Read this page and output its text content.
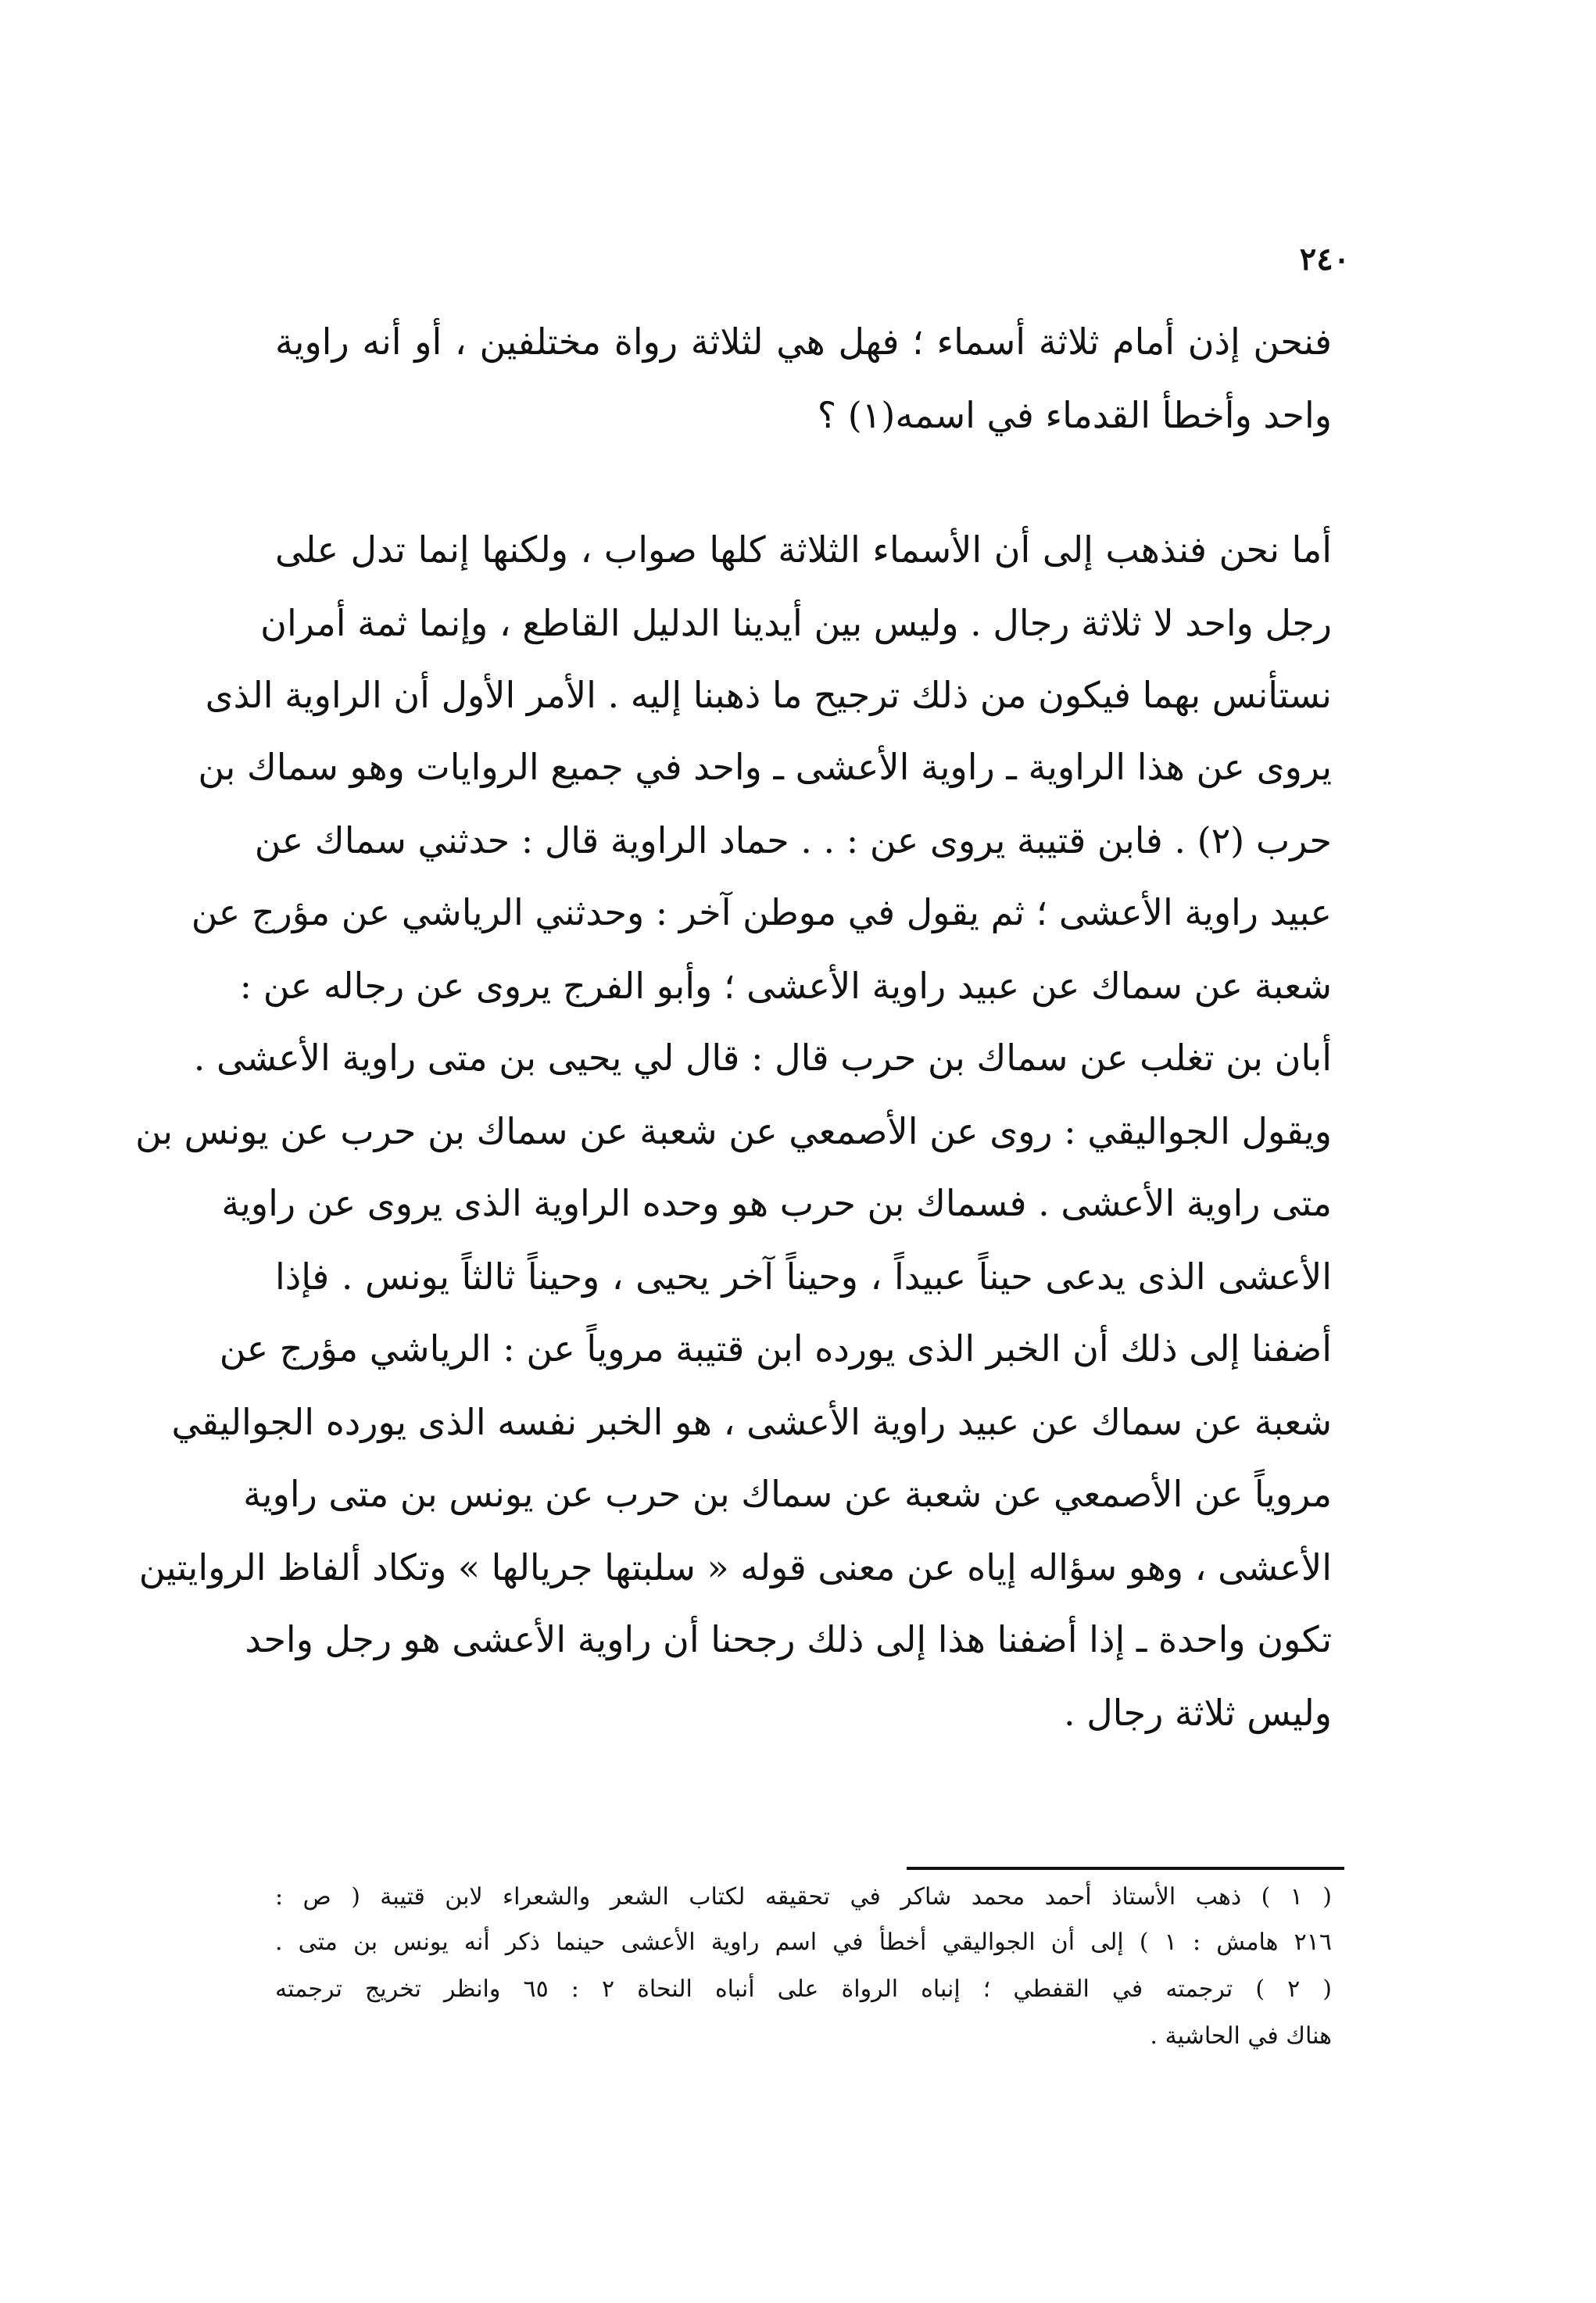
٢٤٠
فنحن إذن أمام ثلاثة أسماء ؛ فهل هي لثلاثة رواة مختلفين ، أو أنه راوية
واحد وأخطأ القدماء في اسمه(١) ؟
أما نحن فنذهب إلى أن الأسماء الثلاثة كلها صواب ، ولكنها إنما تدل على
رجل واحد لا ثلاثة رجال . وليس بين أيدينا الدليل القاطع ، وإنما ثمة أمران
نستأنس بهما فيكون من ذلك ترجيح ما ذهبنا إليه . الأمر الأول أن الراوية الذى
يروى عن هذا الراوية ـ راوية الأعشى ـ واحد في جميع الروايات وهو سماك بن
حرب (٢) . فابن قتيبة يروى عن : . . حماد الراوية قال : حدثني سماك عن
عبيد راوية الأعشى ؛ ثم يقول في موطن آخر : وحدثني الرياشي عن مؤرج عن
شعبة عن سماك عن عبيد راوية الأعشى ؛ وأبو الفرج يروى عن رجاله عن :
أبان بن تغلب عن سماك بن حرب قال : قال لي يحيى بن متى راوية الأعشى .
ويقول الجواليقي : روى عن الأصمعي عن شعبة عن سماك بن حرب عن يونس بن
متى راوية الأعشى . فسماك بن حرب هو وحده الراوية الذى يروى عن راوية
الأعشى الذى يدعى حيناً عبيداً ، وحيناً آخر يحيى ، وحيناً ثالثاً يونس . فإذا
أضفنا إلى ذلك أن الخبر الذى يورده ابن قتيبة مروياً عن : الرياشي مؤرج عن
شعبة عن سماك عن عبيد راوية الأعشى ، هو الخبر نفسه الذى يورده الجواليقي
مروياً عن الأصمعي عن شعبة عن سماك بن حرب عن يونس بن متى راوية
الأعشى ، وهو سؤاله إياه عن معنى قوله « سلبتها جريالها » وتكاد ألفاظ الروايتين
تكون واحدة ـ إذا أضفنا هذا إلى ذلك رجحنا أن راوية الأعشى هو رجل واحد
وليس ثلاثة رجال .
( ١ ) ذهب الأستاذ أحمد محمد شاكر في تحقيقه لكتاب الشعر والشعراء لابن قتيبة ( ص :
٢١٦ هامش : ١ ) إلى أن الجواليقي أخطأ في اسم راوية الأعشى حينما ذكر أنه يونس بن متى .
( ٢ ) ترجمته في القفطي ؛ إنباه الرواة على أنباه النحاة ٢ : ٦٥ وانظر تخريج ترجمته
هناك في الحاشية .
